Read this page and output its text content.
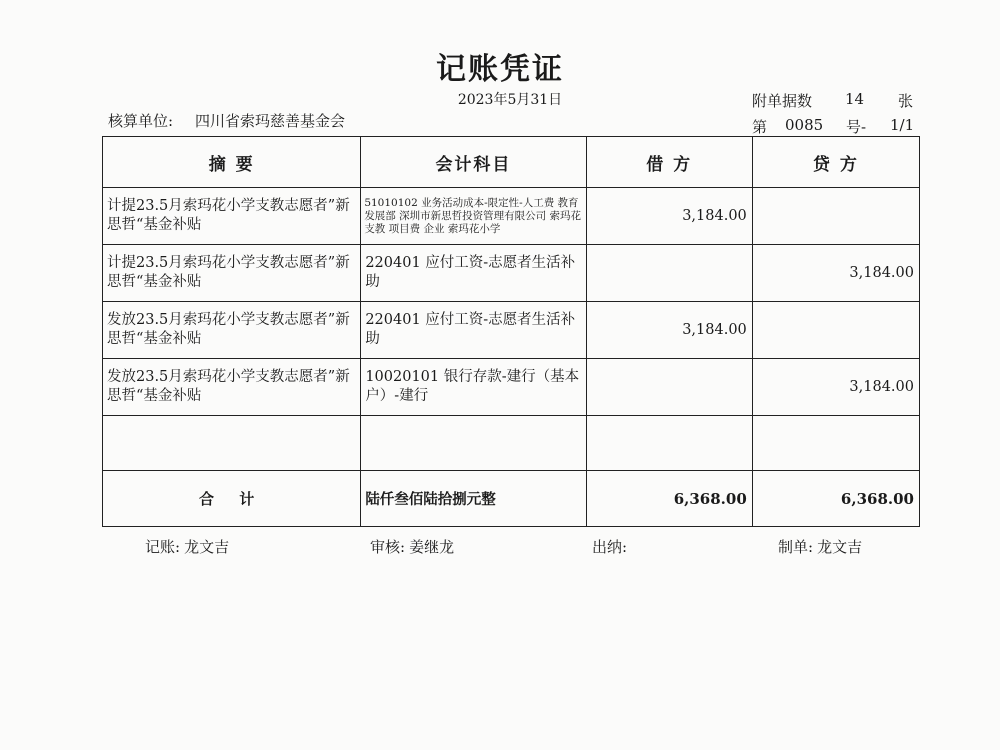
记账凭证
2023年5月31日
核算单位: 四川省索玛慈善基金会
附单据数 14 张
第 0085 号- 1/1
摘 要	会计科目	借 方	贷 方

计提23.5月索玛花小学支教志愿者”新思哲“基金补贴	51010102 业务活动成本-限定性-人工费 教育发展部 深圳市新思哲投资管理有限公司 索玛花支教 项目费 企业 索玛花小学	3,184.00	

计提23.5月索玛花小学支教志愿者”新思哲“基金补贴	220401 应付工资-志愿者生活补助		3,184.00

发放23.5月索玛花小学支教志愿者”新思哲“基金补贴	220401 应付工资-志愿者生活补助	3,184.00	

发放23.5月索玛花小学支教志愿者”新思哲“基金补贴	10020101 银行存款-建行（基本户）-建行		3,184.00

合 计	陆仟叁佰陆拾捌元整	6,368.00	6,368.00
记账: 龙文吉	审核: 姜继龙	出纳:	制单: 龙文吉
